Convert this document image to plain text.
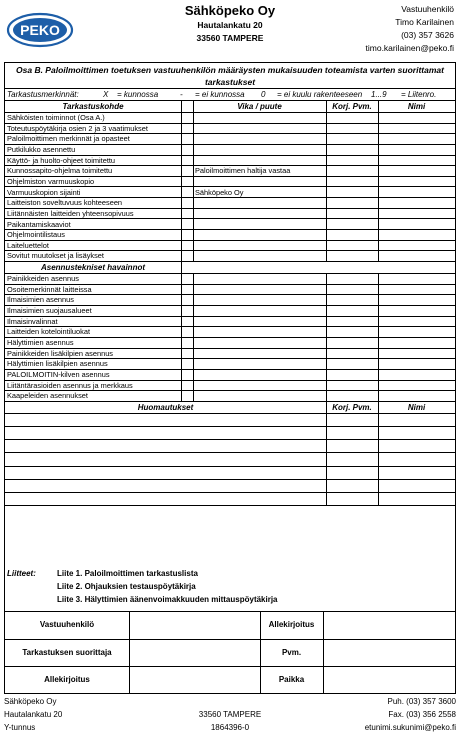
PEKO
Sähköpeko Oy
Hautalankatu 20
33560 TAMPERE
Vastuuhenkilö
Timo Karilainen
(03) 357 3626
timo.karilainen@peko.fi
Osa B. Paloilmoittimen toetuksen vastuuhenkilön määräysten mukaisuuden toteamista varten suorittamat tarkastukset
Tarkastusmerkinnät:	X = kunnossa	- = ei kunnossa 0 = ei kuulu rakenteeseen 1...9 = Liitenro.
Tarkastuskohde	Vika / puute	Korj. Pvm.	Nimi
Sähköisten toiminnot (Osa A.)
Toteutuspöytäkirja osien 2 ja 3 vaatimukset
Paloilmoittimen merkinnät ja opasteet
Putkilukko asennettu
Käyttö- ja huolto-ohjeet toimitettu
Kunnossapito-ohjelma toimitettu	Paloilmoittimen haltija vastaa
Ohjelmiston varmuuskopio
Varmuuskopion sijainti	Sähköpeko Oy
Laitteiston soveltuvuus kohteeseen
Liitännäisten laitteiden yhteensopivuus
Paikantamiskaaviot
Ohjelmointilistaus
Laiteluettelot
Sovitut muutokset ja lisäykset
Asennustekniset havainnot
Painikkeiden asennus
Osoitemerkinnät laitteissa
Ilmaisimien asennus
Ilmaisimien suojausalueet
Ilmaisinvalinnat
Laitteiden kotelointiluokat
Hälyttimien asennus
Painikkeiden lisäkilpien asennus
Hälyttimien lisäkilpien asennus
PALOILMOITIN-kilven asennus
Liitäntärasioiden asennus ja merkkaus
Kaapeleiden asennukset
Huomautukset	Korj. Pvm.	Nimi
Liitteet:	Liite 1. Paloilmoittimen tarkastuslista
Liite 2. Ohjauksien testauspöytäkirja
Liite 3. Hälyttimien äänenvoimakkuuden mittauspöytäkirja
Vastuuhenkilö	Allekirjoitus
Tarkastuksen suorittaja	Pvm.
Allekirjoitus	Paikka
Sähköpeko Oy	Puh. (03) 357 3600
Hautalankatu 20	33560 TAMPERE	Fax. (03) 356 2558
Y-tunnus	1864396-0	etunimi.sukunimi@peko.fi
